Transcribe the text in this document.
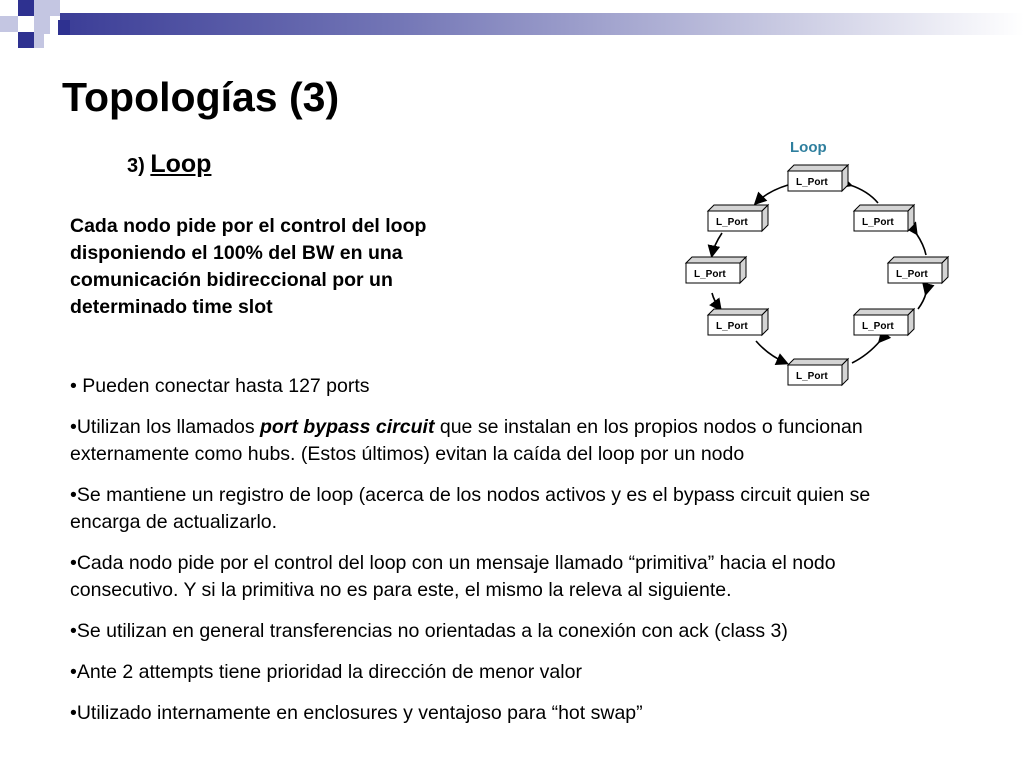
Topologías (3)
3) Loop
Cada nodo pide por el control del loop disponiendo el 100% del BW en una comunicación bidireccional por un determinado time slot

• Pueden conectar hasta 127 ports

•Utilizan los llamados port bypass circuit que se instalan en los propios nodos o funcionan externamente como hubs. (Estos últimos) evitan la caída del loop por un nodo

•Se mantiene un registro de loop (acerca de los nodos activos y es el bypass circuit quien se encarga de actualizarlo.

•Cada nodo pide por el control del loop con un mensaje llamado “primitiva” hacia el nodo consecutivo. Y si la primitiva no es para este, el mismo la releva al siguiente.

•Se utilizan en general transferencias no orientadas a la conexión con ack (class 3)

•Ante 2 attempts tiene prioridad la dirección de menor valor

•Utilizado internamente en enclosures y ventajoso para “hot swap”

Loop
L_Port
L_Port	L_Port
L_Port	L_Port
L_Port	L_Port
L_Port
